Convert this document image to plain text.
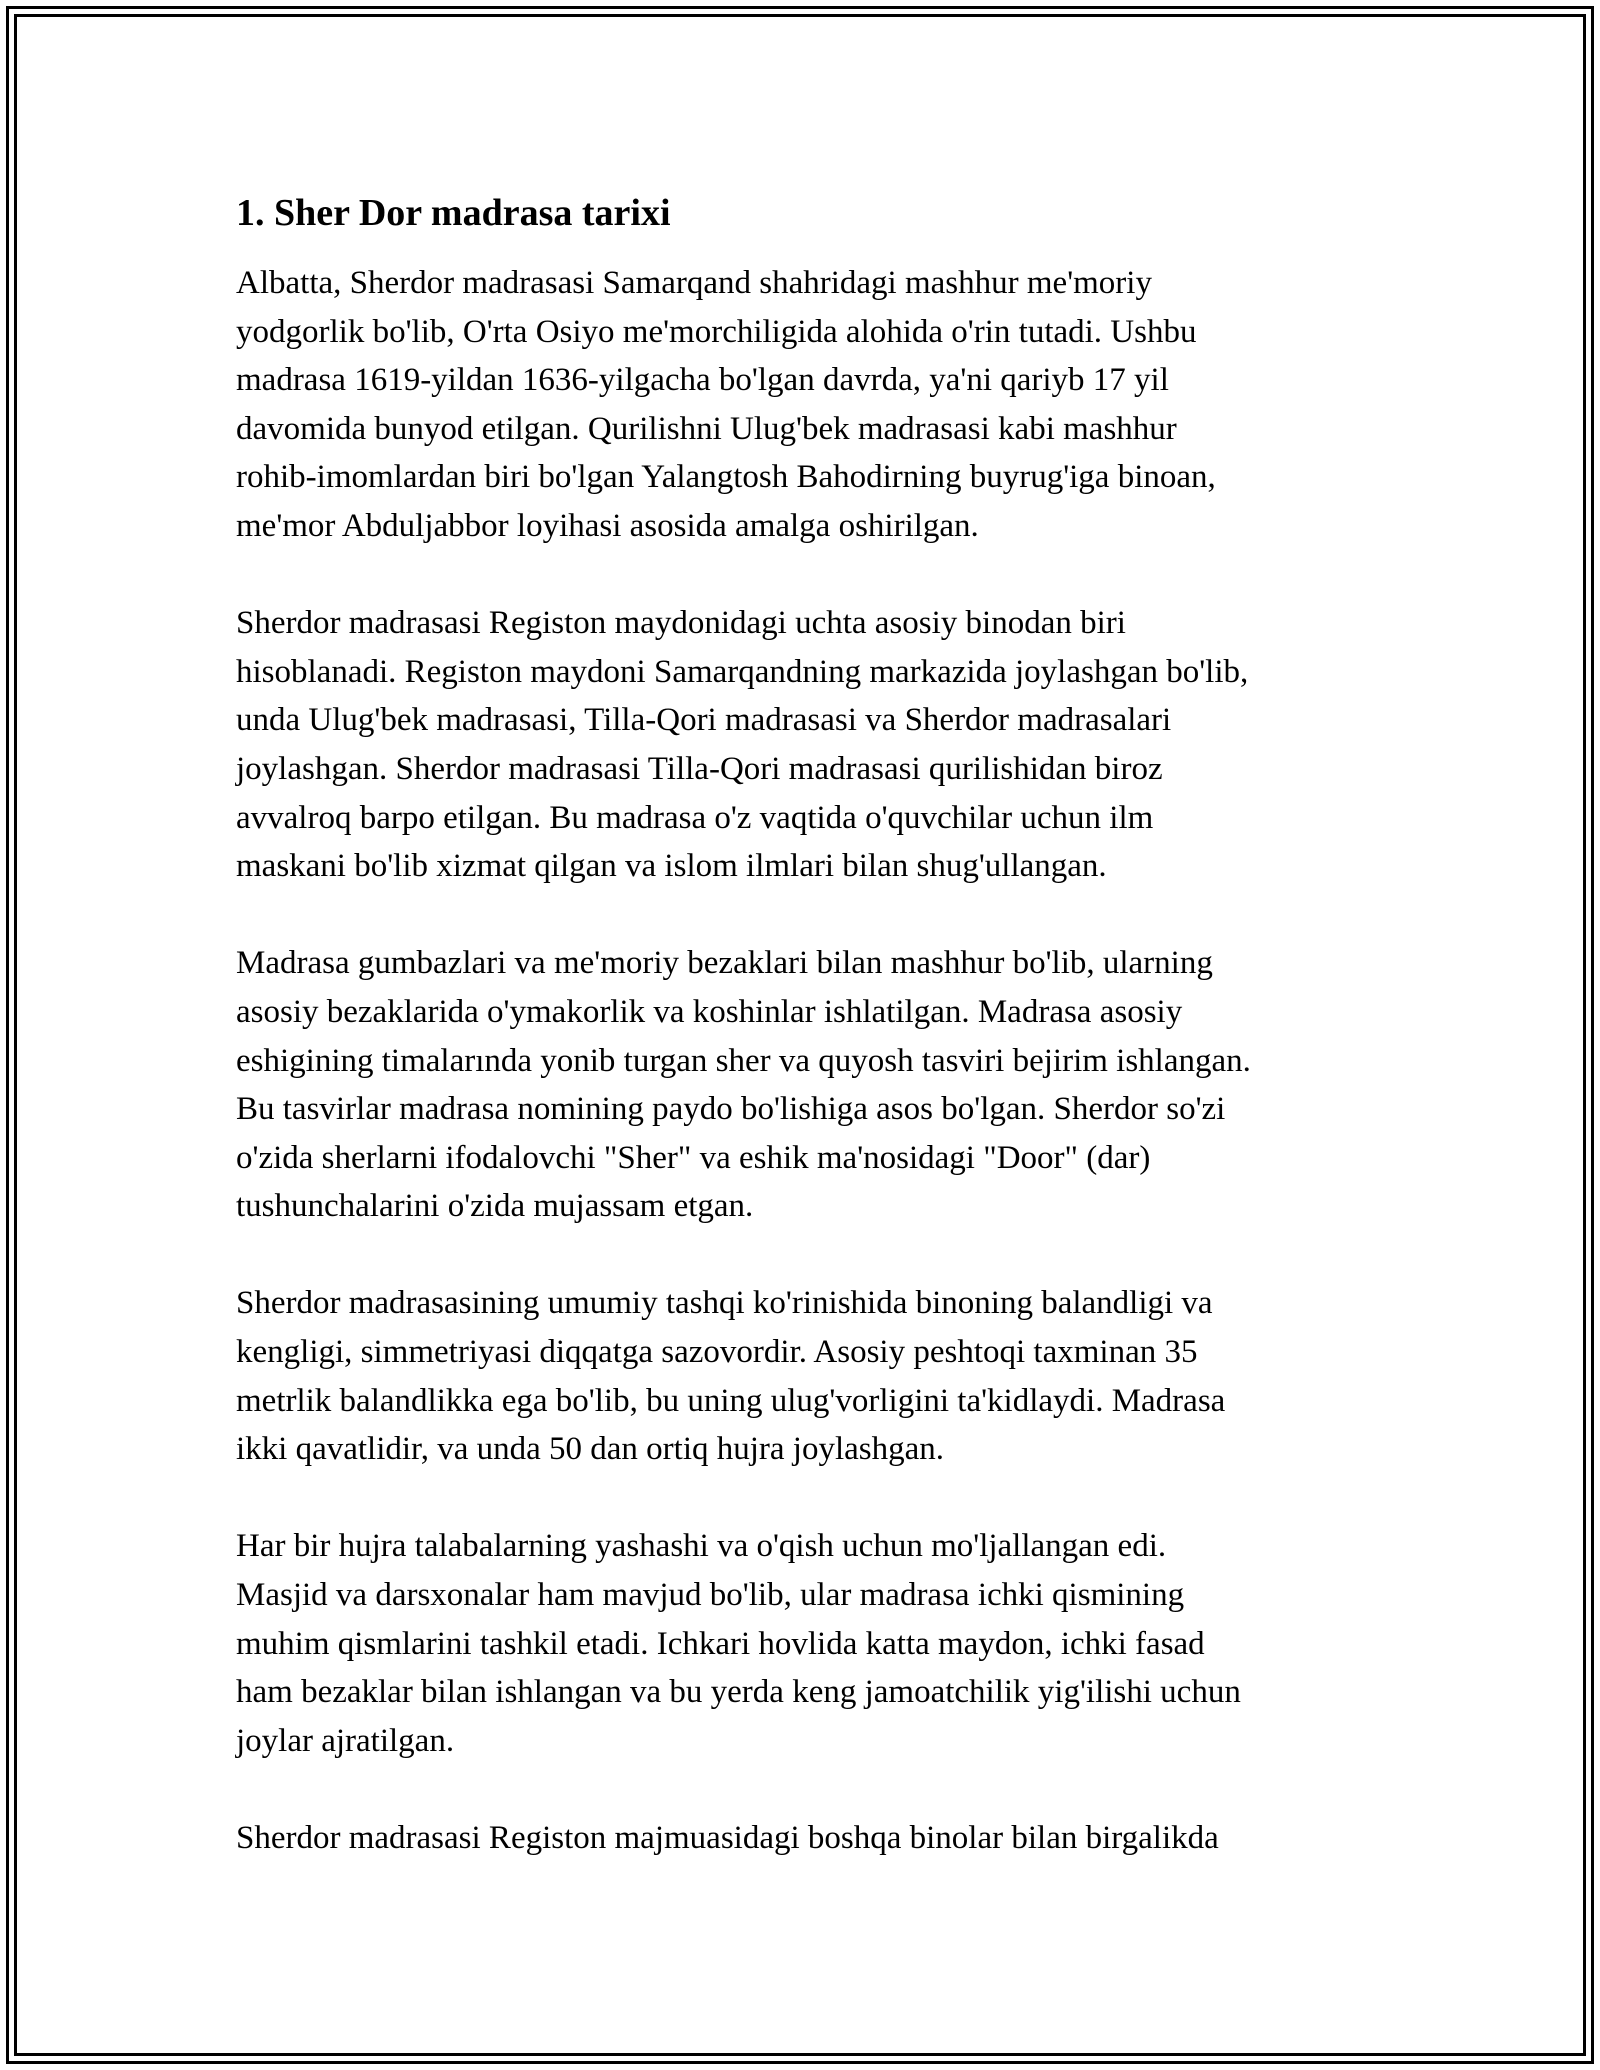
1. Sher Dor madrasa tarixi

Albatta, Sherdor madrasasi Samarqand shahridagi mashhur me'moriy
yodgorlik bo'lib, O'rta Osiyo me'morchiligida alohida o'rin tutadi. Ushbu
madrasa 1619-yildan 1636-yilgacha bo'lgan davrda, ya'ni qariyb 17 yil
davomida bunyod etilgan. Qurilishni Ulug'bek madrasasi kabi mashhur
rohib-imomlardan biri bo'lgan Yalangtosh Bahodirning buyrug'iga binoan,
me'mor Abduljabbor loyihasi asosida amalga oshirilgan.

Sherdor madrasasi Registon maydonidagi uchta asosiy binodan biri
hisoblanadi. Registon maydoni Samarqandning markazida joylashgan bo'lib,
unda Ulug'bek madrasasi, Tilla-Qori madrasasi va Sherdor madrasalari
joylashgan. Sherdor madrasasi Tilla-Qori madrasasi qurilishidan biroz
avvalroq barpo etilgan. Bu madrasa o'z vaqtida o'quvchilar uchun ilm
maskani bo'lib xizmat qilgan va islom ilmlari bilan shug'ullangan.

Madrasa gumbazlari va me'moriy bezaklari bilan mashhur bo'lib, ularning
asosiy bezaklarida o'ymakorlik va koshinlar ishlatilgan. Madrasa asosiy
eshigining timalarında yonib turgan sher va quyosh tasviri bejirim ishlangan.
Bu tasvirlar madrasa nomining paydo bo'lishiga asos bo'lgan. Sherdor so'zi
o'zida sherlarni ifodalovchi "Sher" va eshik ma'nosidagi "Door" (dar)
tushunchalarini o'zida mujassam etgan.

Sherdor madrasasining umumiy tashqi ko'rinishida binoning balandligi va
kengligi, simmetriyasi diqqatga sazovordir. Asosiy peshtoqi taxminan 35
metrlik balandlikka ega bo'lib, bu uning ulug'vorligini ta'kidlaydi. Madrasa
ikki qavatlidir, va unda 50 dan ortiq hujra joylashgan.

Har bir hujra talabalarning yashashi va o'qish uchun mo'ljallangan edi.
Masjid va darsxonalar ham mavjud bo'lib, ular madrasa ichki qismining
muhim qismlarini tashkil etadi. Ichkari hovlida katta maydon, ichki fasad
ham bezaklar bilan ishlangan va bu yerda keng jamoatchilik yig'ilishi uchun
joylar ajratilgan.

Sherdor madrasasi Registon majmuasidagi boshqa binolar bilan birgalikda
